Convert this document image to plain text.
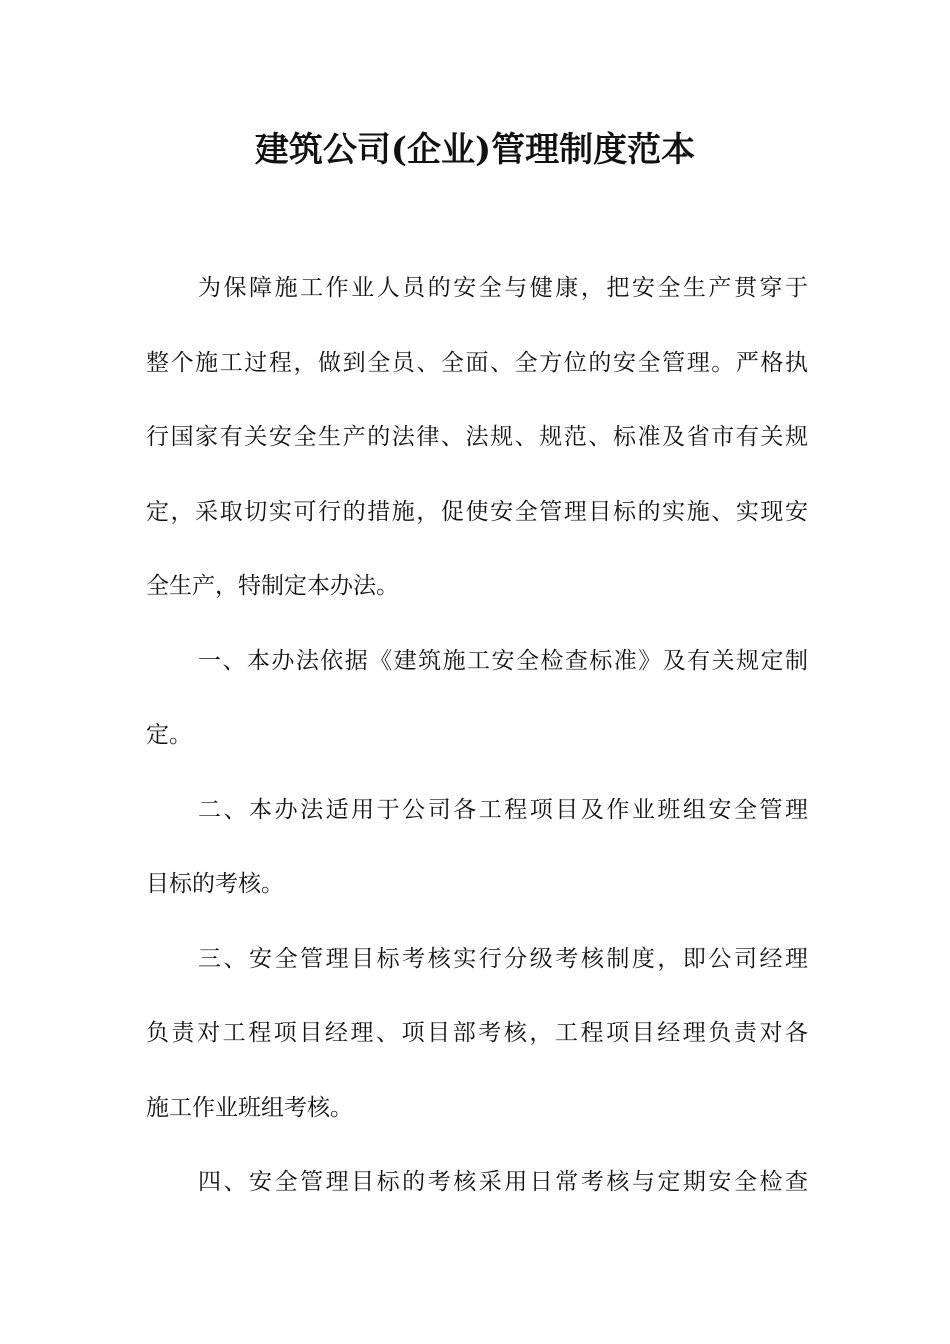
建筑公司(企业)管理制度范本
为保障施工作业人员的安全与健康，把安全生产贯穿于
整个施工过程，做到全员、全面、全方位的安全管理。严格执
行国家有关安全生产的法律、法规、规范、标准及省市有关规
定，采取切实可行的措施，促使安全管理目标的实施、实现安
全生产，特制定本办法。
一、本办法依据《建筑施工安全检查标准》及有关规定制
定。
二、本办法适用于公司各工程项目及作业班组安全管理
目标的考核。
三、安全管理目标考核实行分级考核制度，即公司经理
负责对工程项目经理、项目部考核，工程项目经理负责对各
施工作业班组考核。
四、安全管理目标的考核采用日常考核与定期安全检查
